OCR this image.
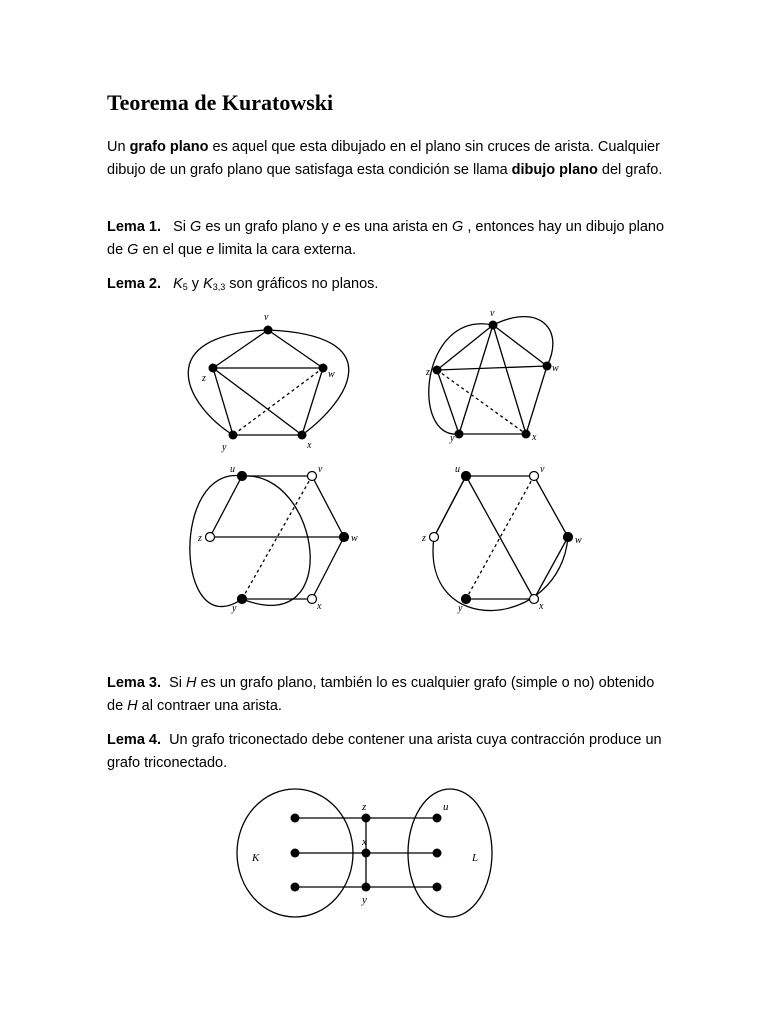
Teorema de Kuratowski

Un grafo plano es aquel que esta dibujado en el plano sin cruces de arista. Cualquier dibujo de un grafo plano que satisfaga esta condición se llama dibujo plano del grafo.

Lema 1. Si G es un grafo plano y e es una arista en G , entonces hay un dibujo plano de G en el que e limita la cara externa.

Lema 2. $K_5$ y $K_{3,3}$ son gráficos no planos.

v
z	w
y	x
v
z	w
y	x
u	v
z	w
y	x
u	v
z	w
y	x

Lema 3. Si H es un grafo plano, también lo es cualquier grafo (simple o no) obtenido de H al contraer una arista.

Lema 4. Un grafo triconectado debe contener una arista cuya contracción produce un grafo triconectado.

z
x
y
u
K	L
